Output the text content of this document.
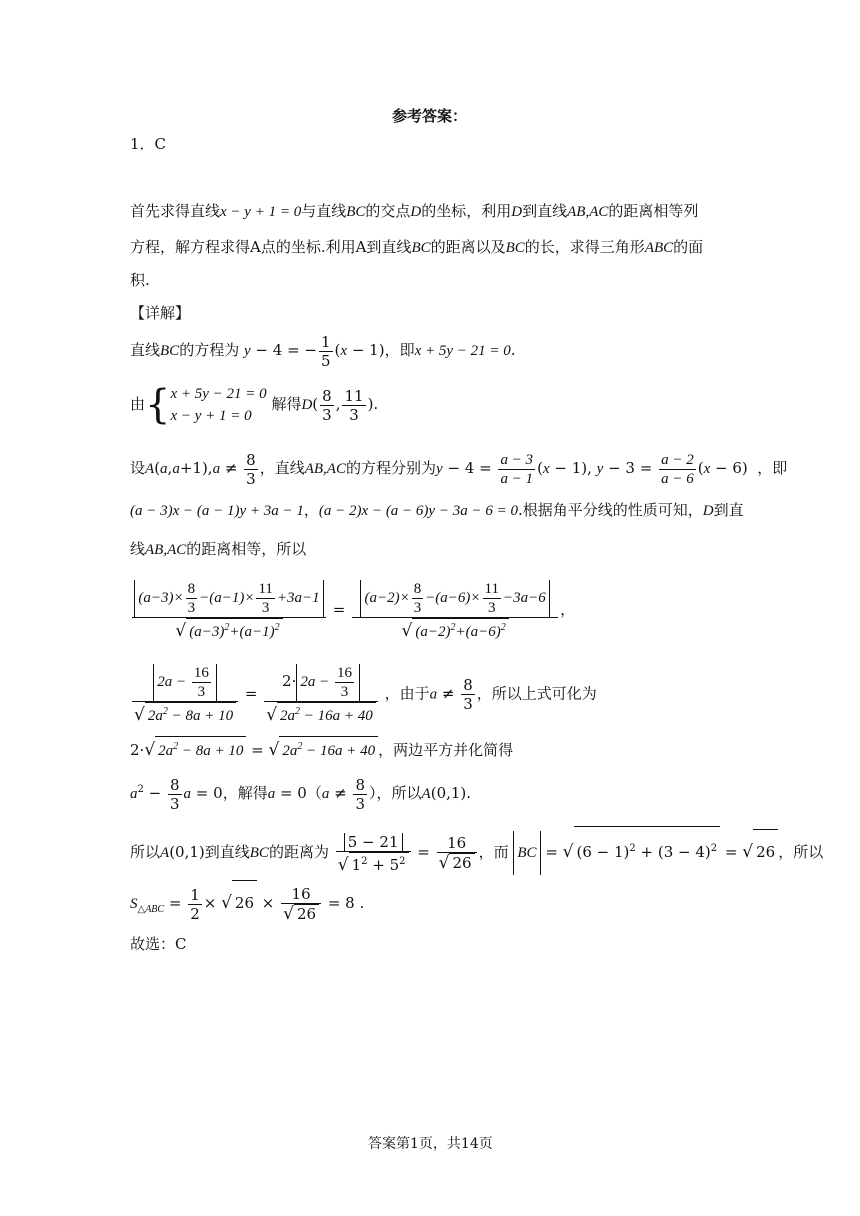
参考答案：
1．C
首先求得直线x − y + 1 = 0与直线BC的交点D的坐标，利用D到直线AB,AC的距离相等列
方程，解方程求得A点的坐标.利用A到直线BC的距离以及BC的长，求得三角形ABC的面
积.
【详解】
直线BC的方程为 y − 4 = − $\frac{1}{5} (x - 1)$，即x + 5y − 21 = 0.
由{ x + 5y − 21 = 0
x − y + 1 = 0
解得$D( \frac{8}{3}$ , $\frac{11}{3}$ ).
设$A(a,a+1),a \ne \frac{8}{3}$ ，直线AB,AC的方程分别为$y - 4 = \frac{a - 3}{a - 1} (x - 1)$, $y - 3 = \frac{a - 2}{a - 6} (x - 6)$  ，即
(a − 3)x − (a − 1)y + 3a − 1，(a − 2)x − (a − 6)y − 3a − 6 = 0.根据角平分线的性质可知，D到直
线AB,AC的距离相等，所以
$\frac{(a-3)\times \frac{8}{3} -(a-1)\times \frac{11}{3} +3a-1}{√ (a-3)^2+(a-1)^2} = \frac{(a-2)\times \frac{8}{3} -(a-6)\times \frac{11}{3} -3a-6}{√ (a-2)^2+(a-6)^2}$ ，
$\frac{2a - \frac{16}{3}}{√ 2a^2 - 8a + 10} = \frac{2\cdot 2a - \frac{16}{3}}{√ 2a^2 - 16a + 40}$ ，由于$a \ne \frac{8}{3}$ ，所以上式可化为
2·√ $2a^2 - 8a + 10$ = √ $2a^2 - 16a + 40$ ，两边平方并化简得
$a^2 - \frac{8}{3}$ a = 0，解得$a = 0(a \ne \frac{8}{3}$ ），所以A(0,1).
所以A(0,1)到直线BC的距离为 $\frac{5 - 21}{√ 1^2 + 5^2} = \frac{16}{√ 26}$ ，而 BC = √ $(6 - 1)^2 + (3 - 4)^2$ = √ 26 ，所以
$S_{\triangle ABC} = \frac{1}{2}$ × √ $26 \times \frac{16}{√ 26} = 8$ .
故选：C
答案第1页，共14页
